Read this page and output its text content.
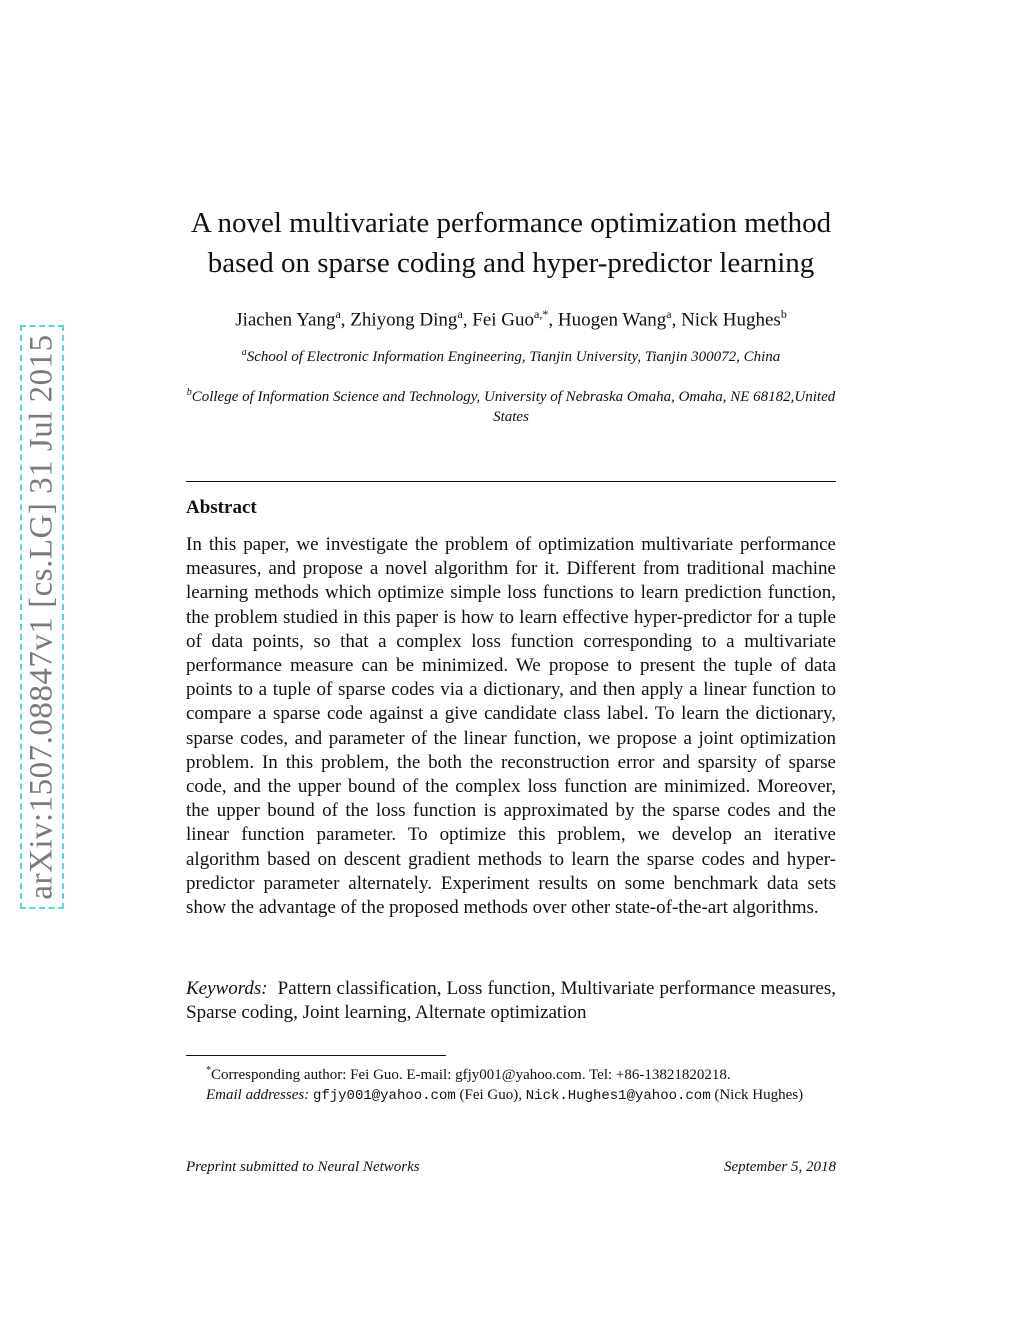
arXiv:1507.08847v1 [cs.LG] 31 Jul 2015
A novel multivariate performance optimization method
based on sparse coding and hyper-predictor learning
Jiachen Yang$^a$, Zhiyong Ding$^a$, Fei Guo$^{a,*}$, Huogen Wang$^a$, Nick Hughes$^b$
$^a$School of Electronic Information Engineering, Tianjin University, Tianjin 300072, China
$^b$College of Information Science and Technology, University of Nebraska Omaha, Omaha, NE 68182,United States
Abstract

In this paper, we investigate the problem of optimization multivariate performance measures, and propose a novel algorithm for it. Different from traditional machine learning methods which optimize simple loss functions to learn prediction function, the problem studied in this paper is how to learn effective hyper-predictor for a tuple of data points, so that a complex loss function corresponding to a multivariate performance measure can be minimized. We propose to present the tuple of data points to a tuple of sparse codes via a dictionary, and then apply a linear function to compare a sparse code against a give candidate class label. To learn the dictionary, sparse codes, and parameter of the linear function, we propose a joint optimization problem. In this problem, the both the reconstruction error and sparsity of sparse code, and the upper bound of the complex loss function are minimized. Moreover, the upper bound of the loss function is approximated by the sparse codes and the linear function parameter. To optimize this problem, we develop an iterative algorithm based on descent gradient methods to learn the sparse codes and hyper-predictor parameter alternately. Experiment results on some benchmark data sets show the advantage of the proposed methods over other state-of-the-art algorithms.

Keywords: Pattern classification, Loss function, Multivariate performance measures, Sparse coding, Joint learning, Alternate optimization

*Corresponding author: Fei Guo. E-mail: gfjy001@yahoo.com. Tel: +86-13821820218.
Email addresses: gfjy001@yahoo.com (Fei Guo), Nick.Hughes1@yahoo.com (Nick Hughes)
Preprint submitted to Neural Networks	September 5, 2018
